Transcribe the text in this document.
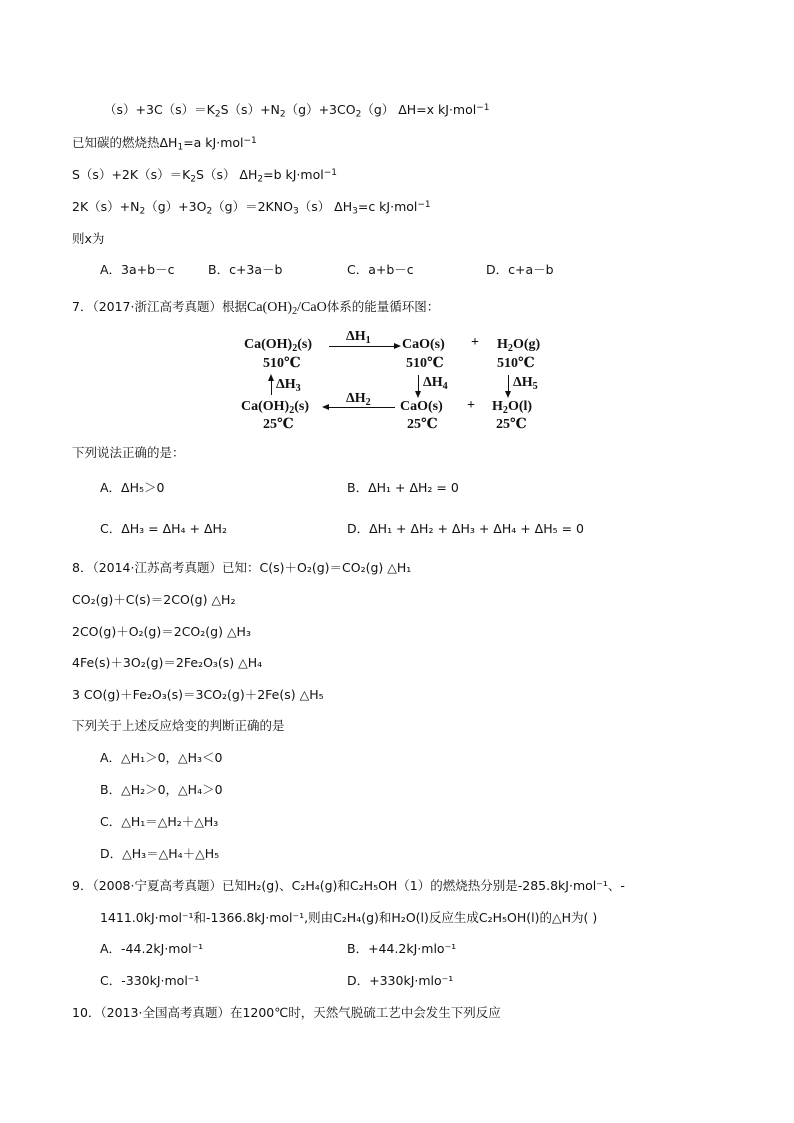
$(s)+3C(s)=K_2S(s)+N_2(g)+3CO_2(g)$ ΔH=x kJ·mol$^{-1}$
已知碳的燃烧热$\Delta H_1=a$ kJ·mol$^{-1}$
$S(s)+2K(s)=K_2S(s)$ $\Delta H_2=b$ kJ·mol$^{-1}$
$2K(s)+N_2(g)+3O_2(g)=2KNO_3(s)$ $\Delta H_3=c$ kJ·mol$^{-1}$
则x为
A．3a+b－c	B．c+3a－b	C．a+b－c	D．c+a－b
7．（2017·浙江高考真题）根据$Ca(OH)_2$/CaO体系的能量循环图：
$Ca(OH)_2(s)$
510℃
$\Delta H_1$ CaO(s)
510℃
+ $H_2O(g)$
510℃
$\Delta H_3$	$\Delta H_4$	$\Delta H_5$
$Ca(OH)_2(s)$
25℃
$\Delta H_2$ CaO(s)
25℃
+ $H_2O(l)$
25℃
下列说法正确的是：
A．ΔH₅＞0	B．ΔH₁ + ΔH₂ = 0
C．ΔH₃ = ΔH₄ + ΔH₂	D．ΔH₁ + ΔH₂ + ΔH₃ + ΔH₄ + ΔH₅ = 0
8．（2014·江苏高考真题）已知：C(s)＋O₂(g)＝CO₂(g) △H₁
CO₂(g)＋C(s)＝2CO(g) △H₂
2CO(g)＋O₂(g)＝2CO₂(g) △H₃
4Fe(s)＋3O₂(g)＝2Fe₂O₃(s) △H₄
3 CO(g)＋Fe₂O₃(s)＝3CO₂(g)＋2Fe(s) △H₅
下列关于上述反应焓变的判断正确的是
A．△H₁＞0，△H₃＜0
B．△H₂＞0，△H₄＞0
C．△H₁＝△H₂＋△H₃
D．△H₃＝△H₄＋△H₅
9．（2008·宁夏高考真题）已知H₂(g)、C₂H₄(g)和C₂H₅OH（1）的燃烧热分别是-285.8kJ·mol⁻¹、-
1411.0kJ·mol⁻¹和-1366.8kJ·mol⁻¹,则由C₂H₄(g)和H₂O(l)反应生成C₂H₅OH(l)的△H为( )
A．-44.2kJ·mol⁻¹	B．+44.2kJ·mlo⁻¹
C．-330kJ·mol⁻¹	D．+330kJ·mlo⁻¹
10．（2013·全国高考真题）在1200℃时，天然气脱硫工艺中会发生下列反应
